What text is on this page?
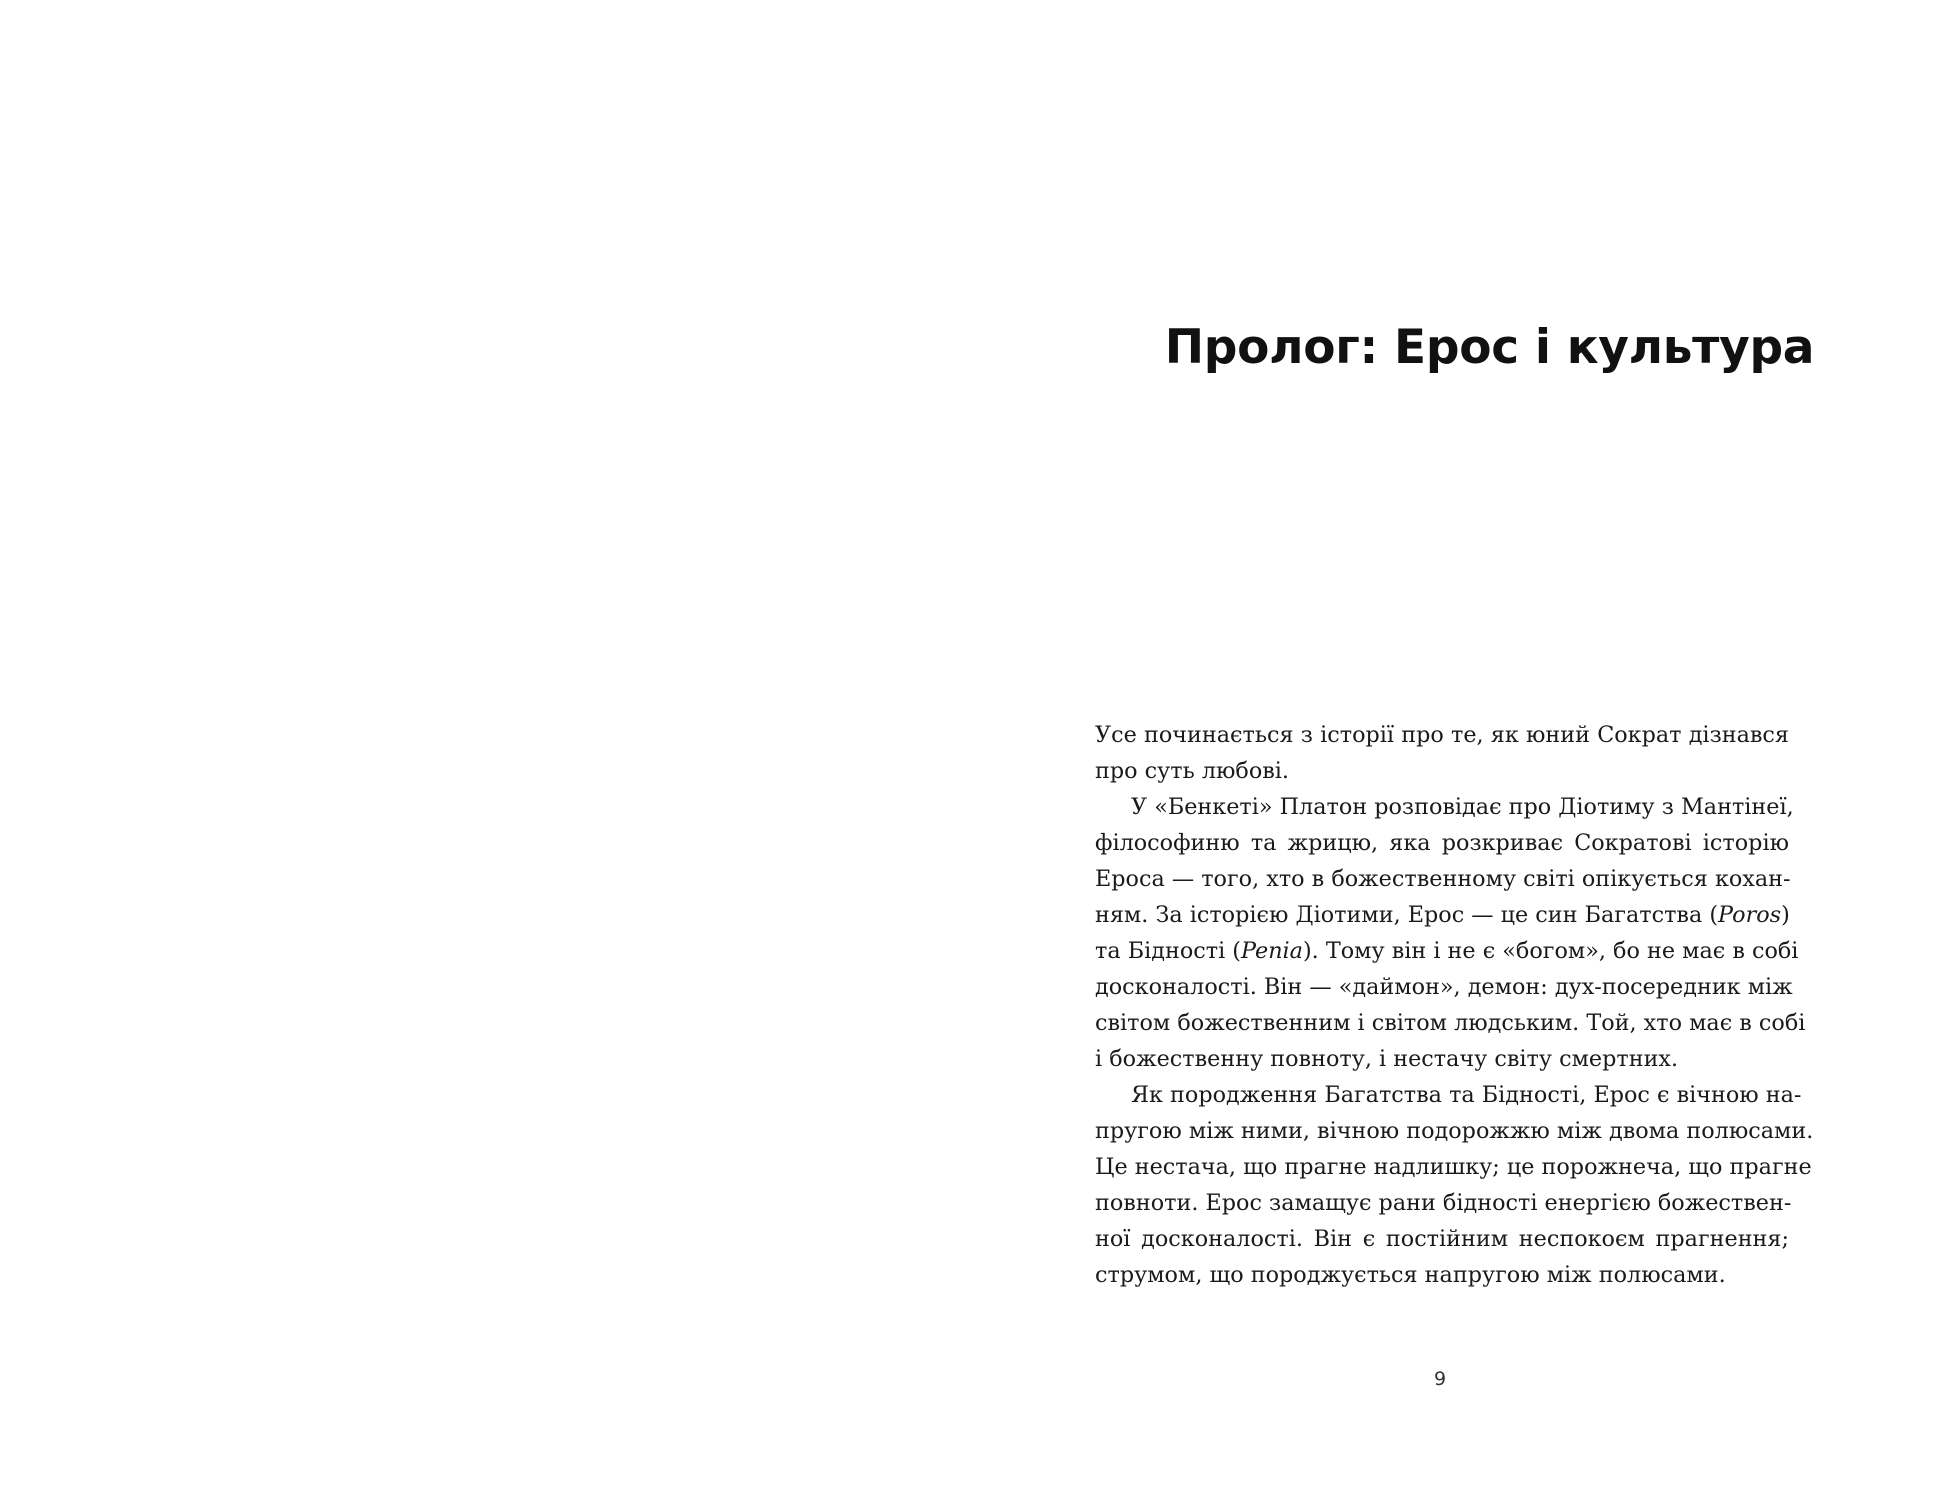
Пролог: Ерос і культура
Усе починається з історії про те, як юний Сократ дізнався
про суть любові.
У «Бенкеті» Платон розповідає про Діотиму з Мантінеї,
філософиню та жрицю, яка розкриває Сократові історію
Ероса — того, хто в божественному світі опікується кохан-
ням. За історією Діотими, Ерос — це син Багатства (Poros)
та Бідності (Penia). Тому він і не є «богом», бо не має в собі
досконалості. Він — «даймон», демон: дух-посередник між
світом божественним і світом людським. Той, хто має в собі
і божественну повноту, і нестачу світу смертних.
Як породження Багатства та Бідності, Ерос є вічною на-
пругою між ними, вічною подорожжю між двома полюсами.
Це нестача, що прагне надлишку; це порожнеча, що прагне
повноти. Ерос замащує рани бідності енергією божествен-
ної досконалості. Він є постійним неспокоєм прагнення;
струмом, що породжується напругою між полюсами.
9
